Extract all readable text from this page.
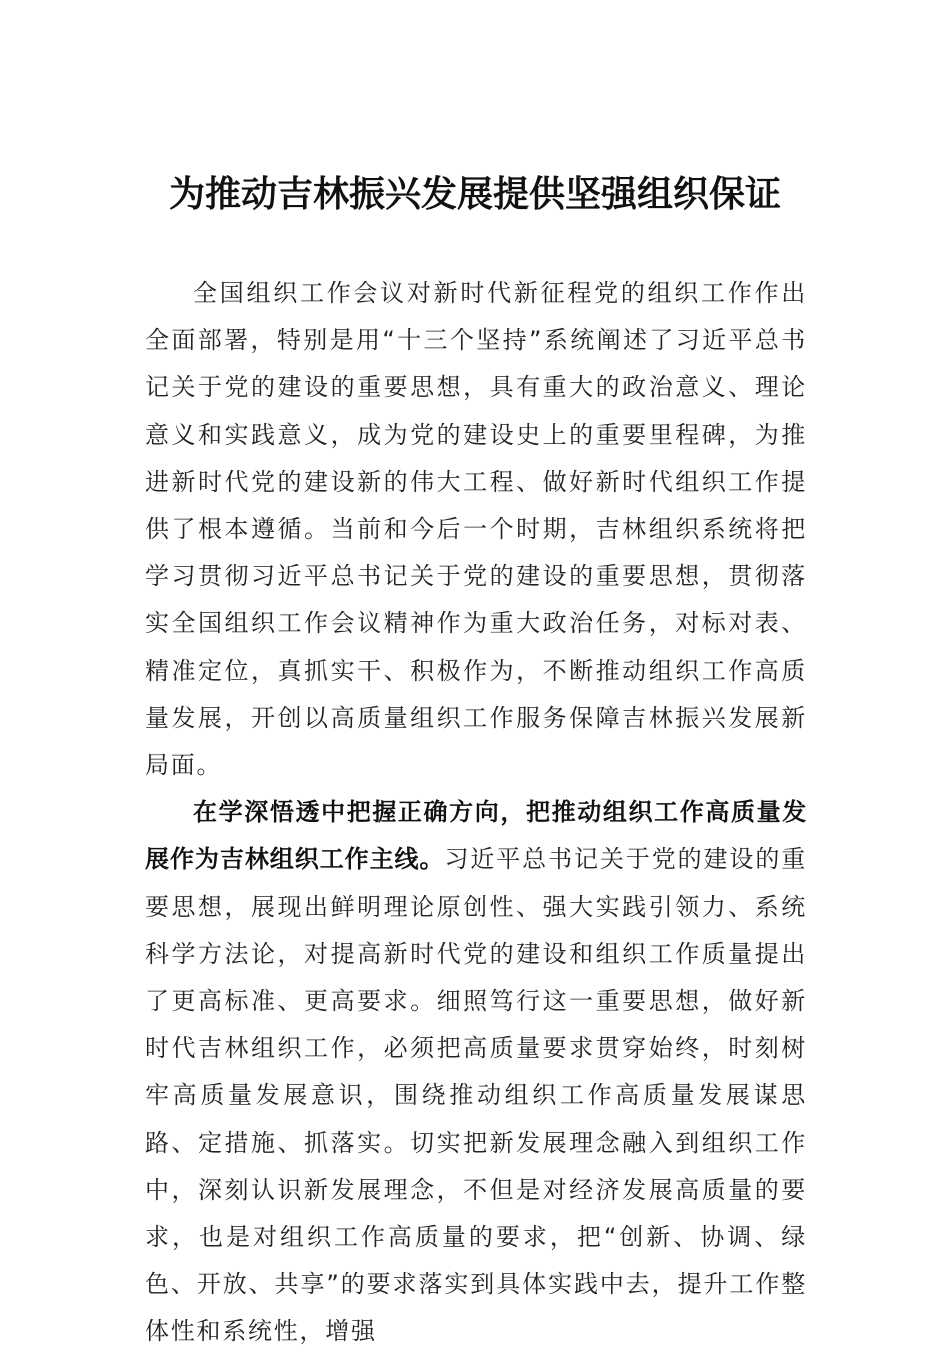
为推动吉林振兴发展提供坚强组织保证

全国组织工作会议对新时代新征程党的组织工作作出全面部署，特别是用“十三个坚持”系统阐述了习近平总书记关于党的建设的重要思想，具有重大的政治意义、理论意义和实践意义，成为党的建设史上的重要里程碑，为推进新时代党的建设新的伟大工程、做好新时代组织工作提供了根本遵循。当前和今后一个时期，吉林组织系统将把学习贯彻习近平总书记关于党的建设的重要思想，贯彻落实全国组织工作会议精神作为重大政治任务，对标对表、精准定位，真抓实干、积极作为，不断推动组织工作高质量发展，开创以高质量组织工作服务保障吉林振兴发展新局面。

在学深悟透中把握正确方向，把推动组织工作高质量发展作为吉林组织工作主线。习近平总书记关于党的建设的重要思想，展现出鲜明理论原创性、强大实践引领力、系统科学方法论，对提高新时代党的建设和组织工作质量提出了更高标准、更高要求。细照笃行这一重要思想，做好新时代吉林组织工作，必须把高质量要求贯穿始终，时刻树牢高质量发展意识，围绕推动组织工作高质量发展谋思路、定措施、抓落实。切实把新发展理念融入到组织工作中，深刻认识新发展理念，不但是对经济发展高质量的要求，也是对组织工作高质量的要求，把“创新、协调、绿色、开放、共享”的要求落实到具体实践中去，提升工作整体性和系统性，增强
